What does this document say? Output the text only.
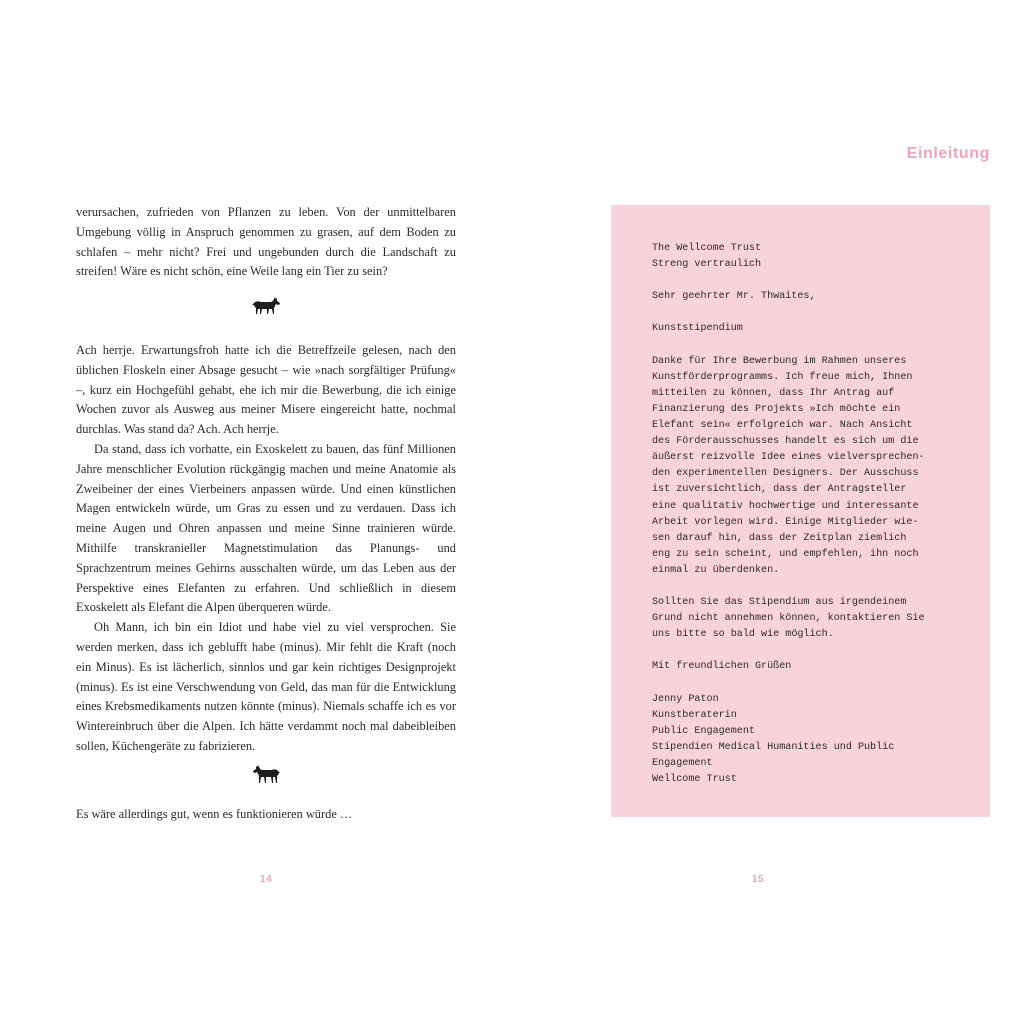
verursachen, zufrieden von Pflanzen zu leben. Von der unmittelbaren Umgebung völlig in Anspruch genommen zu grasen, auf dem Boden zu schlafen – mehr nicht? Frei und ungebunden durch die Landschaft zu streifen! Wäre es nicht schön, eine Weile lang ein Tier zu sein?

Ach herrje. Erwartungsfroh hatte ich die Betreffzeile gelesen, nach den üblichen Floskeln einer Absage gesucht – wie »nach sorgfältiger Prüfung« –, kurz ein Hochgefühl gehabt, ehe ich mir die Bewerbung, die ich einige Wochen zuvor als Ausweg aus meiner Misere eingereicht hatte, nochmal durchlas. Was stand da? Ach. Ach herrje.

Da stand, dass ich vorhatte, ein Exoskelett zu bauen, das fünf Millionen Jahre menschlicher Evolution rückgängig machen und meine Anatomie als Zweibeiner der eines Vierbeiners anpassen würde. Und einen künstlichen Magen entwickeln würde, um Gras zu essen und zu verdauen. Dass ich meine Augen und Ohren anpassen und meine Sinne trainieren würde. Mithilfe transkranieller Magnetstimulation das Planungs- und Sprachzentrum meines Gehirns ausschalten würde, um das Leben aus der Perspektive eines Elefanten zu erfahren. Und schließlich in diesem Exoskelett als Elefant die Alpen überqueren würde.

Oh Mann, ich bin ein Idiot und habe viel zu viel versprochen. Sie werden merken, dass ich geblufft habe (minus). Mir fehlt die Kraft (noch ein Minus). Es ist lächerlich, sinnlos und gar kein richtiges Designprojekt (minus). Es ist eine Verschwendung von Geld, das man für die Entwicklung eines Krebsmedikaments nutzen könnte (minus). Niemals schaffe ich es vor Wintereinbruch über die Alpen. Ich hätte verdammt noch mal dabeibleiben sollen, Küchengeräte zu fabrizieren.

Es wäre allerdings gut, wenn es funktionieren würde …

14
Einleitung
The Wellcome Trust
Streng vertraulich
Sehr geehrter Mr. Thwaites,
Kunststipendium
Danke für Ihre Bewerbung im Rahmen unseres
Kunstförderprogramms. Ich freue mich, Ihnen
mitteilen zu können, dass Ihr Antrag auf
Finanzierung des Projekts »Ich möchte ein
Elefant sein« erfolgreich war. Nach Ansicht
des Förderausschusses handelt es sich um die
äußerst reizvolle Idee eines vielversprechen-
den experimentellen Designers. Der Ausschuss
ist zuversichtlich, dass der Antragsteller
eine qualitativ hochwertige und interessante
Arbeit vorlegen wird. Einige Mitglieder wie-
sen darauf hin, dass der Zeitplan ziemlich
eng zu sein scheint, und empfehlen, ihn noch
einmal zu überdenken.
Sollten Sie das Stipendium aus irgendeinem
Grund nicht annehmen können, kontaktieren Sie
uns bitte so bald wie möglich.
Mit freundlichen Grüßen
Jenny Paton
Kunstberaterin
Public Engagement
Stipendien Medical Humanities und Public
Engagement
Wellcome Trust
15
